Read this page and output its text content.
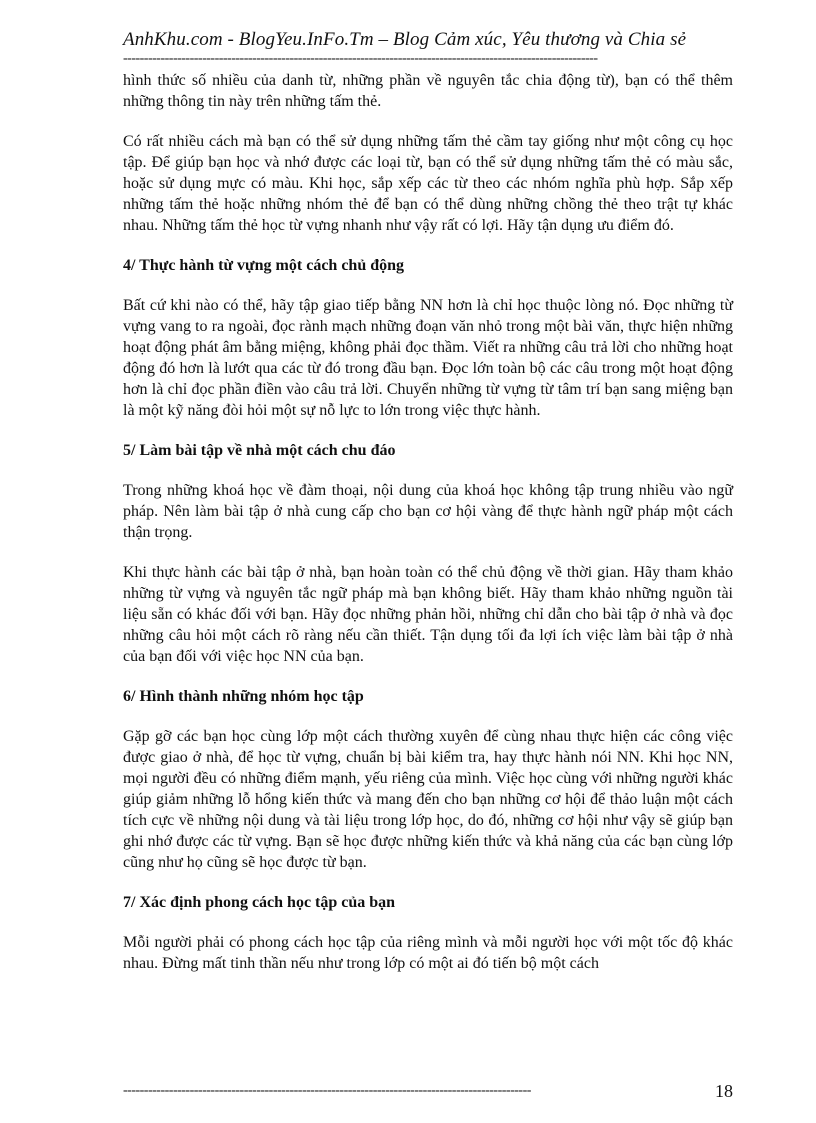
AnhKhu.com - BlogYeu.InFo.Tm – Blog Cảm xúc, Yêu thương và Chia sẻ
------------------------------------------------------------------------------------------------------------------

hình thức số nhiều của danh từ, những phần về nguyên tắc chia động từ), bạn có thể thêm những thông tin này trên những tấm thẻ.

Có rất nhiều cách mà bạn có thể sử dụng những tấm thẻ cầm tay giống như một công cụ học tập. Để giúp bạn học và nhớ được các loại từ, bạn có thể sử dụng những tấm thẻ có màu sắc, hoặc sử dụng mực có màu. Khi học, sắp xếp các từ theo các nhóm nghĩa phù hợp. Sắp xếp những tấm thẻ hoặc những nhóm thẻ để bạn có thể dùng những chồng thẻ theo trật tự khác nhau. Những tấm thẻ học từ vựng nhanh như vậy rất có lợi. Hãy tận dụng ưu điểm đó.

4/ Thực hành từ vựng một cách chủ động

Bất cứ khi nào có thể, hãy tập giao tiếp bằng NN hơn là chỉ học thuộc lòng nó. Đọc những từ vựng vang to ra ngoài, đọc rành mạch những đoạn văn nhỏ trong một bài văn, thực hiện những hoạt động phát âm bằng miệng, không phải đọc thầm. Viết ra những câu trả lời cho những hoạt động đó hơn là lướt qua các từ đó trong đầu bạn. Đọc lớn toàn bộ các câu trong một hoạt động hơn là chỉ đọc phần điền vào câu trả lời. Chuyển những từ vựng từ tâm trí bạn sang miệng bạn là một kỹ năng đòi hỏi một sự nỗ lực to lớn trong việc thực hành.

5/ Làm bài tập về nhà một cách chu đáo

Trong những khoá học về đàm thoại, nội dung của khoá học không tập trung nhiều vào ngữ pháp. Nên làm bài tập ở nhà cung cấp cho bạn cơ hội vàng để thực hành ngữ pháp một cách thận trọng.

Khi thực hành các bài tập ở nhà, bạn hoàn toàn có thể chủ động về thời gian. Hãy tham khảo những từ vựng và nguyên tắc ngữ pháp mà bạn không biết. Hãy tham khảo những nguồn tài liệu sẵn có khác đối với bạn. Hãy đọc những phản hồi, những chỉ dẫn cho bài tập ở nhà và đọc những câu hỏi một cách rõ ràng nếu cần thiết. Tận dụng tối đa lợi ích việc làm bài tập ở nhà của bạn đối với việc học NN của bạn.

6/ Hình thành những nhóm học tập

Gặp gỡ các bạn học cùng lớp một cách thường xuyên để cùng nhau thực hiện các công việc được giao ở nhà, để học từ vựng, chuẩn bị bài kiểm tra, hay thực hành nói NN. Khi học NN, mọi người đều có những điểm mạnh, yếu riêng của mình. Việc học cùng với những người khác giúp giảm những lỗ hổng kiến thức và mang đến cho bạn những cơ hội để thảo luận một cách tích cực về những nội dung và tài liệu trong lớp học, do đó, những cơ hội như vậy sẽ giúp bạn ghi nhớ được các từ vựng. Bạn sẽ học được những kiến thức và khả năng của các bạn cùng lớp cũng như họ cũng sẽ học được từ bạn.

7/ Xác định phong cách học tập của bạn

Mỗi người phải có phong cách học tập của riêng mình và mỗi người học với một tốc độ khác nhau. Đừng mất tinh thần nếu như trong lớp có một ai đó tiến bộ một cách

--------------------------------------------------------------------------------------------------	18
